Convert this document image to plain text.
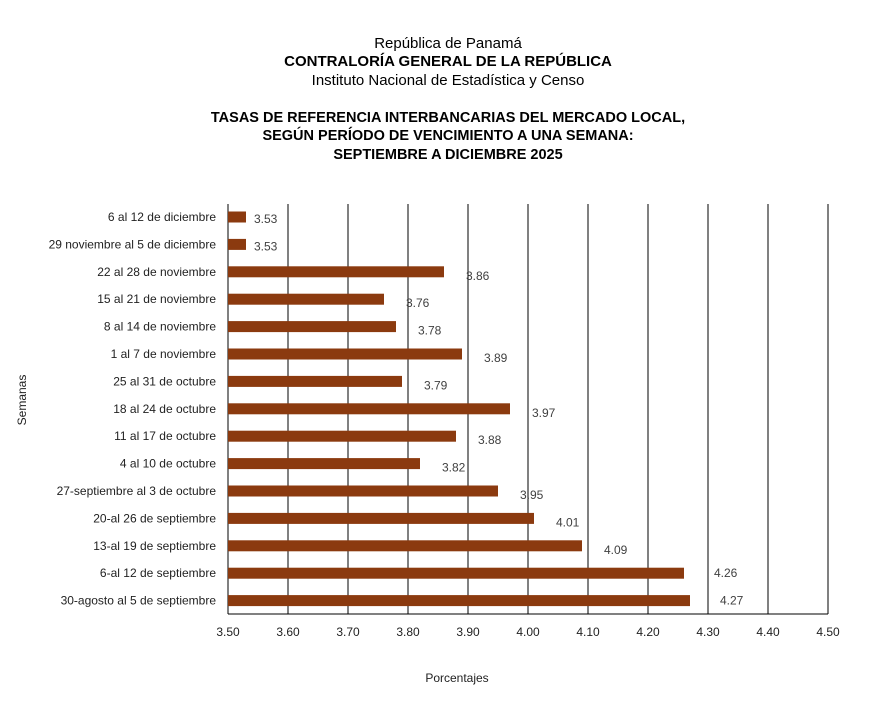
República de Panamá
CONTRALORÍA GENERAL DE LA REPÚBLICA
Instituto Nacional de Estadística y Censo
TASAS DE REFERENCIA INTERBANCARIAS DEL MERCADO LOCAL,
SEGÚN PERÍODO DE VENCIMIENTO A UNA SEMANA:
SEPTIEMBRE A DICIEMBRE 2025
6 al 12 de diciembre
29 noviembre al 5 de diciembre
22 al 28 de noviembre
15 al 21 de noviembre
8 al 14 de noviembre
1 al 7 de noviembre
25 al 31 de octubre
18 al 24 de octubre
11 al 17 de octubre
4 al 10 de octubre
27-septiembre al 3 de octubre
20-al 26 de septiembre
13-al 19 de septiembre
6-al 12 de septiembre
30-agosto al 5 de septiembre
3.53
3.53
3.86
3.76
3.78
3.89
3.79
3.97
3.88
3.82
3.95
4.01
4.09
4.26
4.27
3.50	3.60	3.70	3.80	3.90	4.00	4.10	4.20	4.30	4.40	4.50
Porcentajes
Semanas
